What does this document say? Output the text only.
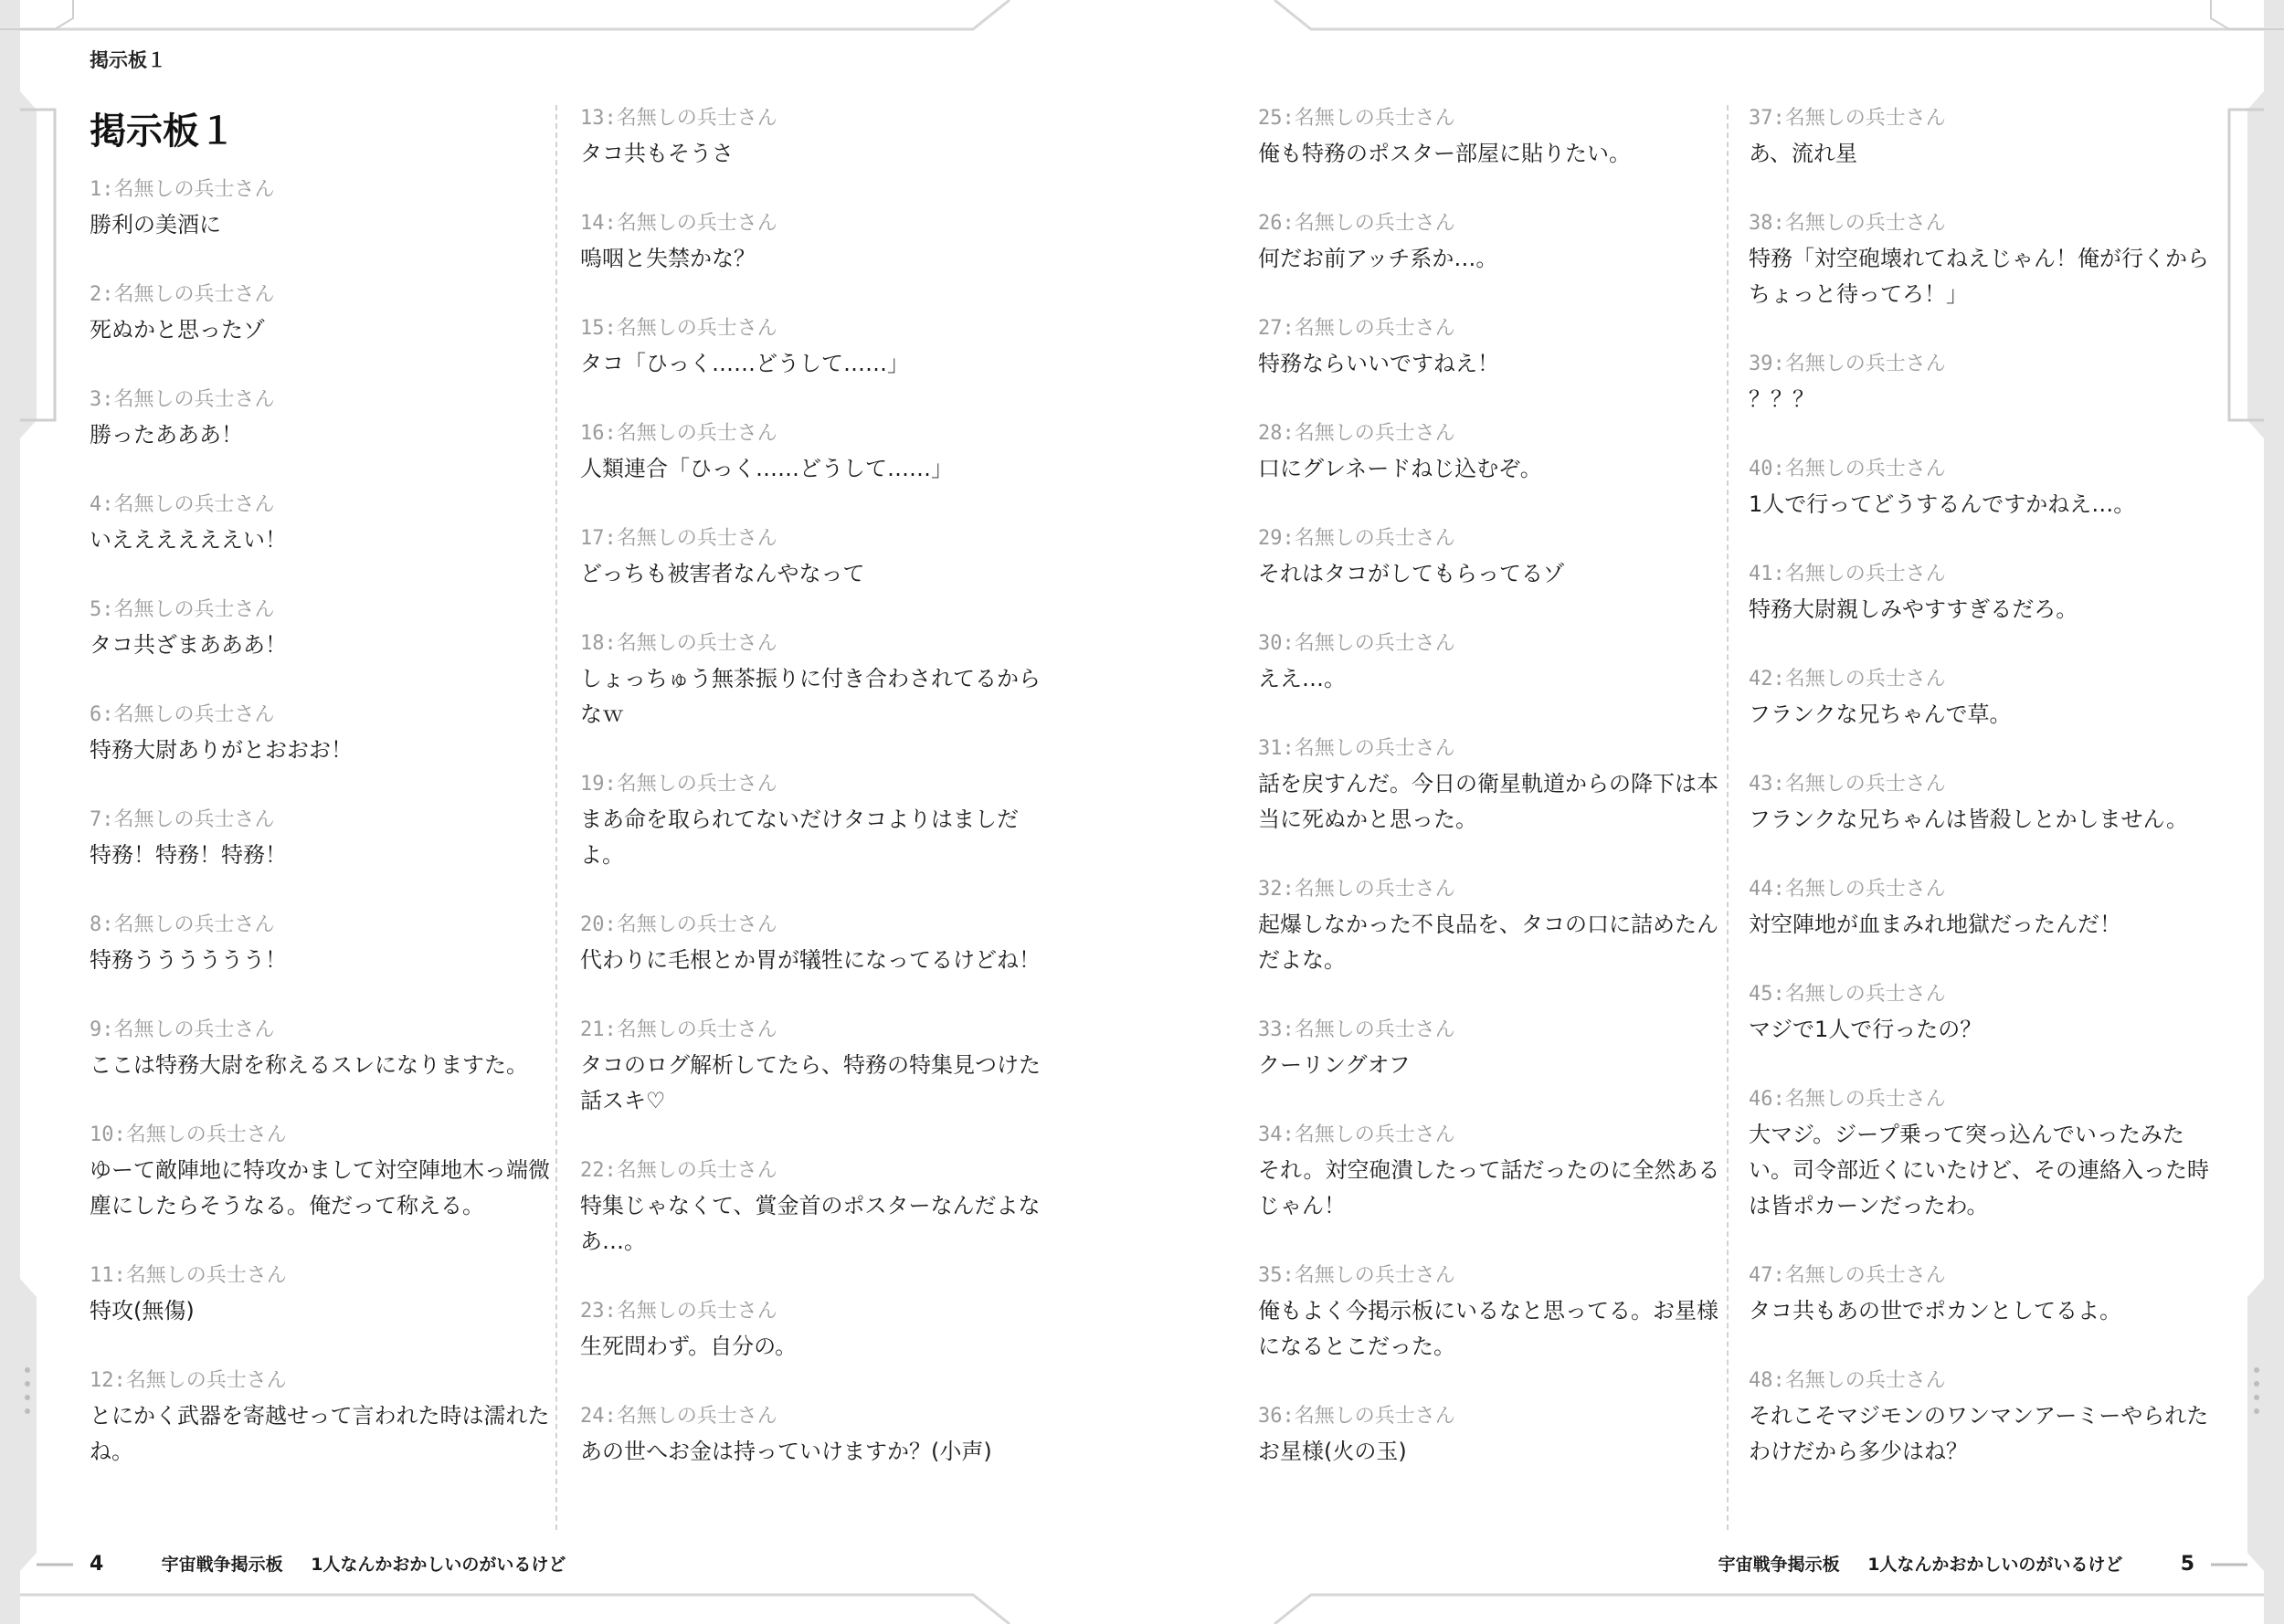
掲示板１
掲示板１
1:名無しの兵士さん
勝利の美酒に
2:名無しの兵士さん
死ぬかと思ったゾ
3:名無しの兵士さん
勝ったあああ！
4:名無しの兵士さん
いええええええい！
5:名無しの兵士さん
タコ共ざまあああ！
6:名無しの兵士さん
特務大尉ありがとおおお！
7:名無しの兵士さん
特務！特務！特務！
8:名無しの兵士さん
特務うううううう！
9:名無しの兵士さん
ここは特務大尉を称えるスレになりますた。
10:名無しの兵士さん
ゆーて敵陣地に特攻かまして対空陣地木っ端微塵にしたらそうなる。俺だって称える。
11:名無しの兵士さん
特攻(無傷)
12:名無しの兵士さん
とにかく武器を寄越せって言われた時は濡れたね。
13:名無しの兵士さん
タコ共もそうさ
14:名無しの兵士さん
嗚咽と失禁かな？
15:名無しの兵士さん
タコ「ひっく……どうして……」
16:名無しの兵士さん
人類連合「ひっく……どうして……」
17:名無しの兵士さん
どっちも被害者なんやなって
18:名無しの兵士さん
しょっちゅう無茶振りに付き合わされてるからなｗ
19:名無しの兵士さん
まあ命を取られてないだけタコよりはましだよ。
20:名無しの兵士さん
代わりに毛根とか胃が犠牲になってるけどね！
21:名無しの兵士さん
タコのログ解析してたら、特務の特集見つけた話スキ♡
22:名無しの兵士さん
特集じゃなくて、賞金首のポスターなんだよなあ…。
23:名無しの兵士さん
生死問わず。自分の。
24:名無しの兵士さん
あの世へお金は持っていけますか？(小声)
25:名無しの兵士さん
俺も特務のポスター部屋に貼りたい。
26:名無しの兵士さん
何だお前アッチ系か…。
27:名無しの兵士さん
特務ならいいですねえ！
28:名無しの兵士さん
口にグレネードねじ込むぞ。
29:名無しの兵士さん
それはタコがしてもらってるゾ
30:名無しの兵士さん
ええ…。
31:名無しの兵士さん
話を戻すんだ。今日の衛星軌道からの降下は本当に死ぬかと思った。
32:名無しの兵士さん
起爆しなかった不良品を、タコの口に詰めたんだよな。
33:名無しの兵士さん
クーリングオフ
34:名無しの兵士さん
それ。対空砲潰したって話だったのに全然あるじゃん！
35:名無しの兵士さん
俺もよく今掲示板にいるなと思ってる。お星様になるとこだった。
36:名無しの兵士さん
お星様(火の玉)
37:名無しの兵士さん
あ、流れ星
38:名無しの兵士さん
特務「対空砲壊れてねえじゃん！俺が行くからちょっと待ってろ！」
39:名無しの兵士さん
？？？
40:名無しの兵士さん
1人で行ってどうするんですかねえ…。
41:名無しの兵士さん
特務大尉親しみやすすぎるだろ。
42:名無しの兵士さん
フランクな兄ちゃんで草。
43:名無しの兵士さん
フランクな兄ちゃんは皆殺しとかしません。
44:名無しの兵士さん
対空陣地が血まみれ地獄だったんだ！
45:名無しの兵士さん
マジで1人で行ったの？
46:名無しの兵士さん
大マジ。ジープ乗って突っ込んでいったみたい。司令部近くにいたけど、その連絡入った時は皆ポカーンだったわ。
47:名無しの兵士さん
タコ共もあの世でポカンとしてるよ。
48:名無しの兵士さん
それこそマジモンのワンマンアーミーやられたわけだから多少はね？
4	宇宙戦争掲示板 1人なんかおかしいのがいるけど	宇宙戦争掲示板 1人なんかおかしいのがいるけど	5
